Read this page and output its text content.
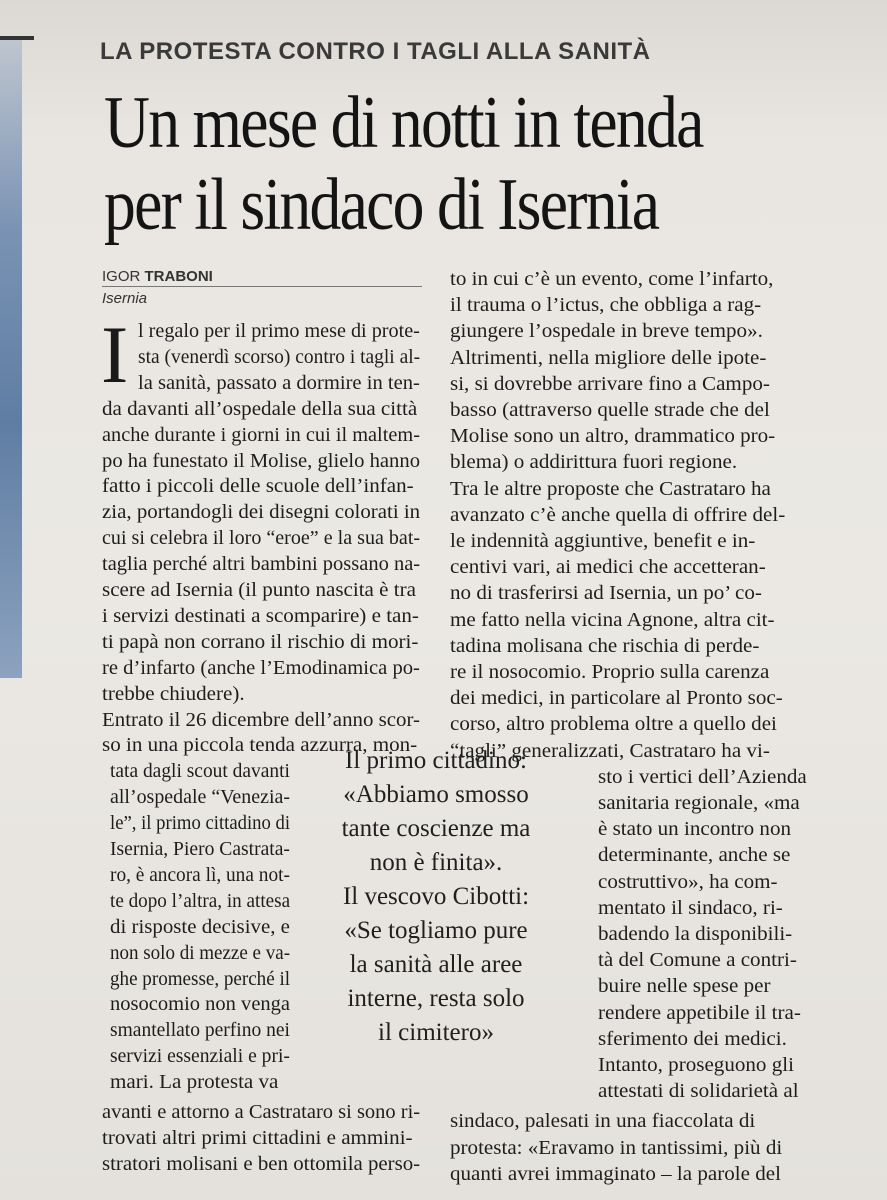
LA PROTESTA CONTRO I TAGLI ALLA SANITÀ
Un mese di notti in tenda
per il sindaco di Isernia
IGOR TRABONI
Isernia
I l regalo per il primo mese di prote-
sta (venerdì scorso) contro i tagli al-
la sanità, passato a dormire in ten-
da davanti all’ospedale della sua città
anche durante i giorni in cui il maltem-
po ha funestato il Molise, glielo hanno
fatto i piccoli delle scuole dell’infan-
zia, portandogli dei disegni colorati in
cui si celebra il loro “eroe” e la sua bat-
taglia perché altri bambini possano na-
scere ad Isernia (il punto nascita è tra
i servizi destinati a scomparire) e tan-
ti papà non corrano il rischio di mori-
re d’infarto (anche l’Emodinamica po-
trebbe chiudere).
Entrato il 26 dicembre dell’anno scor-
so in una piccola tenda azzurra, mon-
tata dagli scout davanti
all’ospedale “Venezia-
le”, il primo cittadino di
Isernia, Piero Castrata-
ro, è ancora lì, una not-
te dopo l’altra, in attesa
di risposte decisive, e
non solo di mezze e va-
ghe promesse, perché il
nosocomio non venga
smantellato perfino nei
servizi essenziali e pri-
mari. La protesta va
avanti e attorno a Castrataro si sono ri-
trovati altri primi cittadini e ammini-
stratori molisani e ben ottomila perso-
to in cui c’è un evento, come l’infarto,
il trauma o l’ictus, che obbliga a rag-
giungere l’ospedale in breve tempo».
Altrimenti, nella migliore delle ipote-
si, si dovrebbe arrivare fino a Campo-
basso (attraverso quelle strade che del
Molise sono un altro, drammatico pro-
blema) o addirittura fuori regione.
Tra le altre proposte che Castrataro ha
avanzato c’è anche quella di offrire del-
le indennità aggiuntive, benefit e in-
centivi vari, ai medici che accetteran-
no di trasferirsi ad Isernia, un po’ co-
me fatto nella vicina Agnone, altra cit-
tadina molisana che rischia di perde-
re il nosocomio. Proprio sulla carenza
dei medici, in particolare al Pronto soc-
corso, altro problema oltre a quello dei
“tagli” generalizzati, Castrataro ha vi-
sto i vertici dell’Azienda
sanitaria regionale, «ma
è stato un incontro non
determinante, anche se
costruttivo», ha com-
mentato il sindaco, ri-
badendo la disponibili-
tà del Comune a contri-
buire nelle spese per
rendere appetibile il tra-
sferimento dei medici.
Intanto, proseguono gli
attestati di solidarietà al
sindaco, palesati in una fiaccolata di
protesta: «Eravamo in tantissimi, più di
quanti avrei immaginato – la parole del
Il primo cittadino:
«Abbiamo smosso
tante coscienze ma
non è finita».
Il vescovo Cibotti:
«Se togliamo pure
la sanità alle aree
interne, resta solo
il cimitero»
